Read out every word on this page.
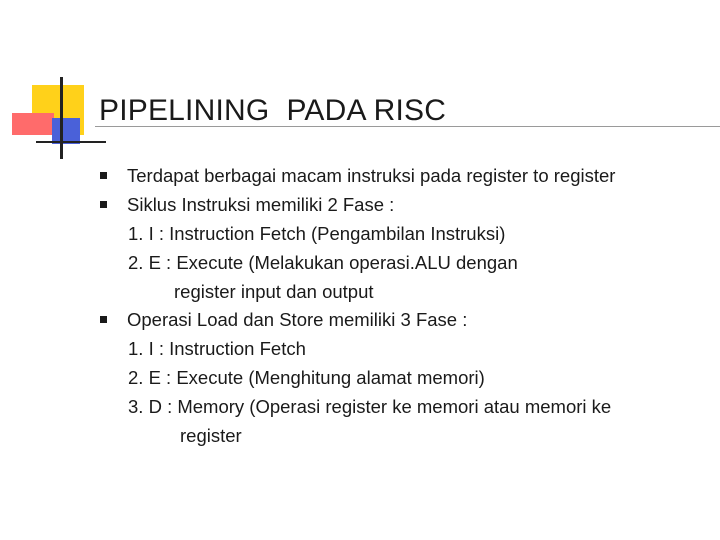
PIPELINING  PADA RISC
Terdapat berbagai macam instruksi pada register to register
Siklus Instruksi memiliki 2 Fase :
1. I : Instruction Fetch (Pengambilan Instruksi)
2. E : Execute (Melakukan operasi.ALU dengan
register input dan output
Operasi Load dan Store memiliki 3 Fase :
1. I : Instruction Fetch
2. E : Execute (Menghitung alamat memori)
3. D : Memory (Operasi register ke memori atau memori ke
register
